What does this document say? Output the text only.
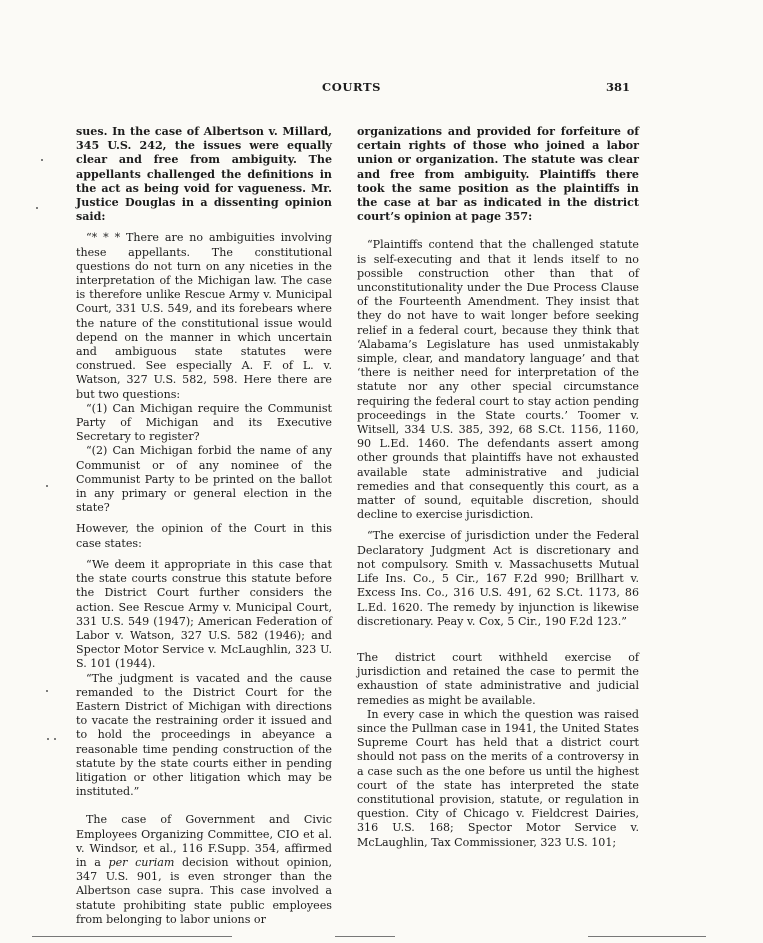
COURTS	381

sues. In the case of Albertson v. Millard, 345 U.S. 242, the issues were equally clear and free from ambiguity. The appellants challenged the definitions in the act as being void for vagueness. Mr. Justice Douglas in a dissenting opinion said:

“* * * There are no ambiguities involving these appellants. The constitutional questions do not turn on any niceties in the interpretation of the Michigan law. The case is therefore unlike Rescue Army v. Municipal Court, 331 U.S. 549, and its forebears where the nature of the constitutional issue would depend on the manner in which uncertain and ambiguous state statutes were construed. See especially A. F. of L. v. Watson, 327 U.S. 582, 598. Here there are but two questions:

“(1) Can Michigan require the Communist Party of Michigan and its Executive Secretary to register?

“(2) Can Michigan forbid the name of any Communist or of any nominee of the Communist Party to be printed on the ballot in any primary or general election in the state?

However, the opinion of the Court in this case states:

“We deem it appropriate in this case that the state courts construe this statute before the District Court further considers the action. See Rescue Army v. Municipal Court, 331 U.S. 549 (1947); American Federation of Labor v. Watson, 327 U.S. 582 (1946); and Spector Motor Service v. McLaughlin, 323 U. S. 101 (1944).

“The judgment is vacated and the cause remanded to the District Court for the Eastern District of Michigan with directions to vacate the restraining order it issued and to hold the proceedings in abeyance a reasonable time pending construction of the statute by the state courts either in pending litigation or other litigation which may be instituted.”

The case of Government and Civic Employees Organizing Committee, CIO et al. v. Windsor, et al., 116 F.Supp. 354, affirmed in a per curiam decision without opinion, 347 U.S. 901, is even stronger than the Albertson case supra. This case involved a statute prohibiting state public employees from belonging to labor unions or

organizations and provided for forfeiture of certain rights of those who joined a labor union or organization. The statute was clear and free from ambiguity. Plaintiffs there took the same position as the plaintiffs in the case at bar as indicated in the district court’s opinion at page 357:

“Plaintiffs contend that the challenged statute is self-executing and that it lends itself to no possible construction other than that of unconstitutionality under the Due Process Clause of the Fourteenth Amendment. They insist that they do not have to wait longer before seeking relief in a federal court, because they think that ‘Alabama’s Legislature has used unmistakably simple, clear, and mandatory language’ and that ‘there is neither need for interpretation of the statute nor any other special circumstance requiring the federal court to stay action pending proceedings in the State courts.’ Toomer v. Witsell, 334 U.S. 385, 392, 68 S.Ct. 1156, 1160, 90 L.Ed. 1460. The defendants assert among other grounds that plaintiffs have not exhausted available state administrative and judicial remedies and that consequently this court, as a matter of sound, equitable discretion, should decline to exercise jurisdiction.

“The exercise of jurisdiction under the Federal Declaratory Judgment Act is discretionary and not compulsory. Smith v. Massachusetts Mutual Life Ins. Co., 5 Cir., 167 F.2d 990; Brillhart v. Excess Ins. Co., 316 U.S. 491, 62 S.Ct. 1173, 86 L.Ed. 1620. The remedy by injunction is likewise discretionary. Peay v. Cox, 5 Cir., 190 F.2d 123.”

The district court withheld exercise of jurisdiction and retained the case to permit the exhaustion of state administrative and judicial remedies as might be available.

In every case in which the question was raised since the Pullman case in 1941, the United States Supreme Court has held that a district court should not pass on the merits of a controversy in a case such as the one before us until the highest court of the state has interpreted the state constitutional provision, statute, or regulation in question. City of Chicago v. Fieldcrest Dairies, 316 U.S. 168; Spector Motor Service v. McLaughlin, Tax Commissioner, 323 U.S. 101;
